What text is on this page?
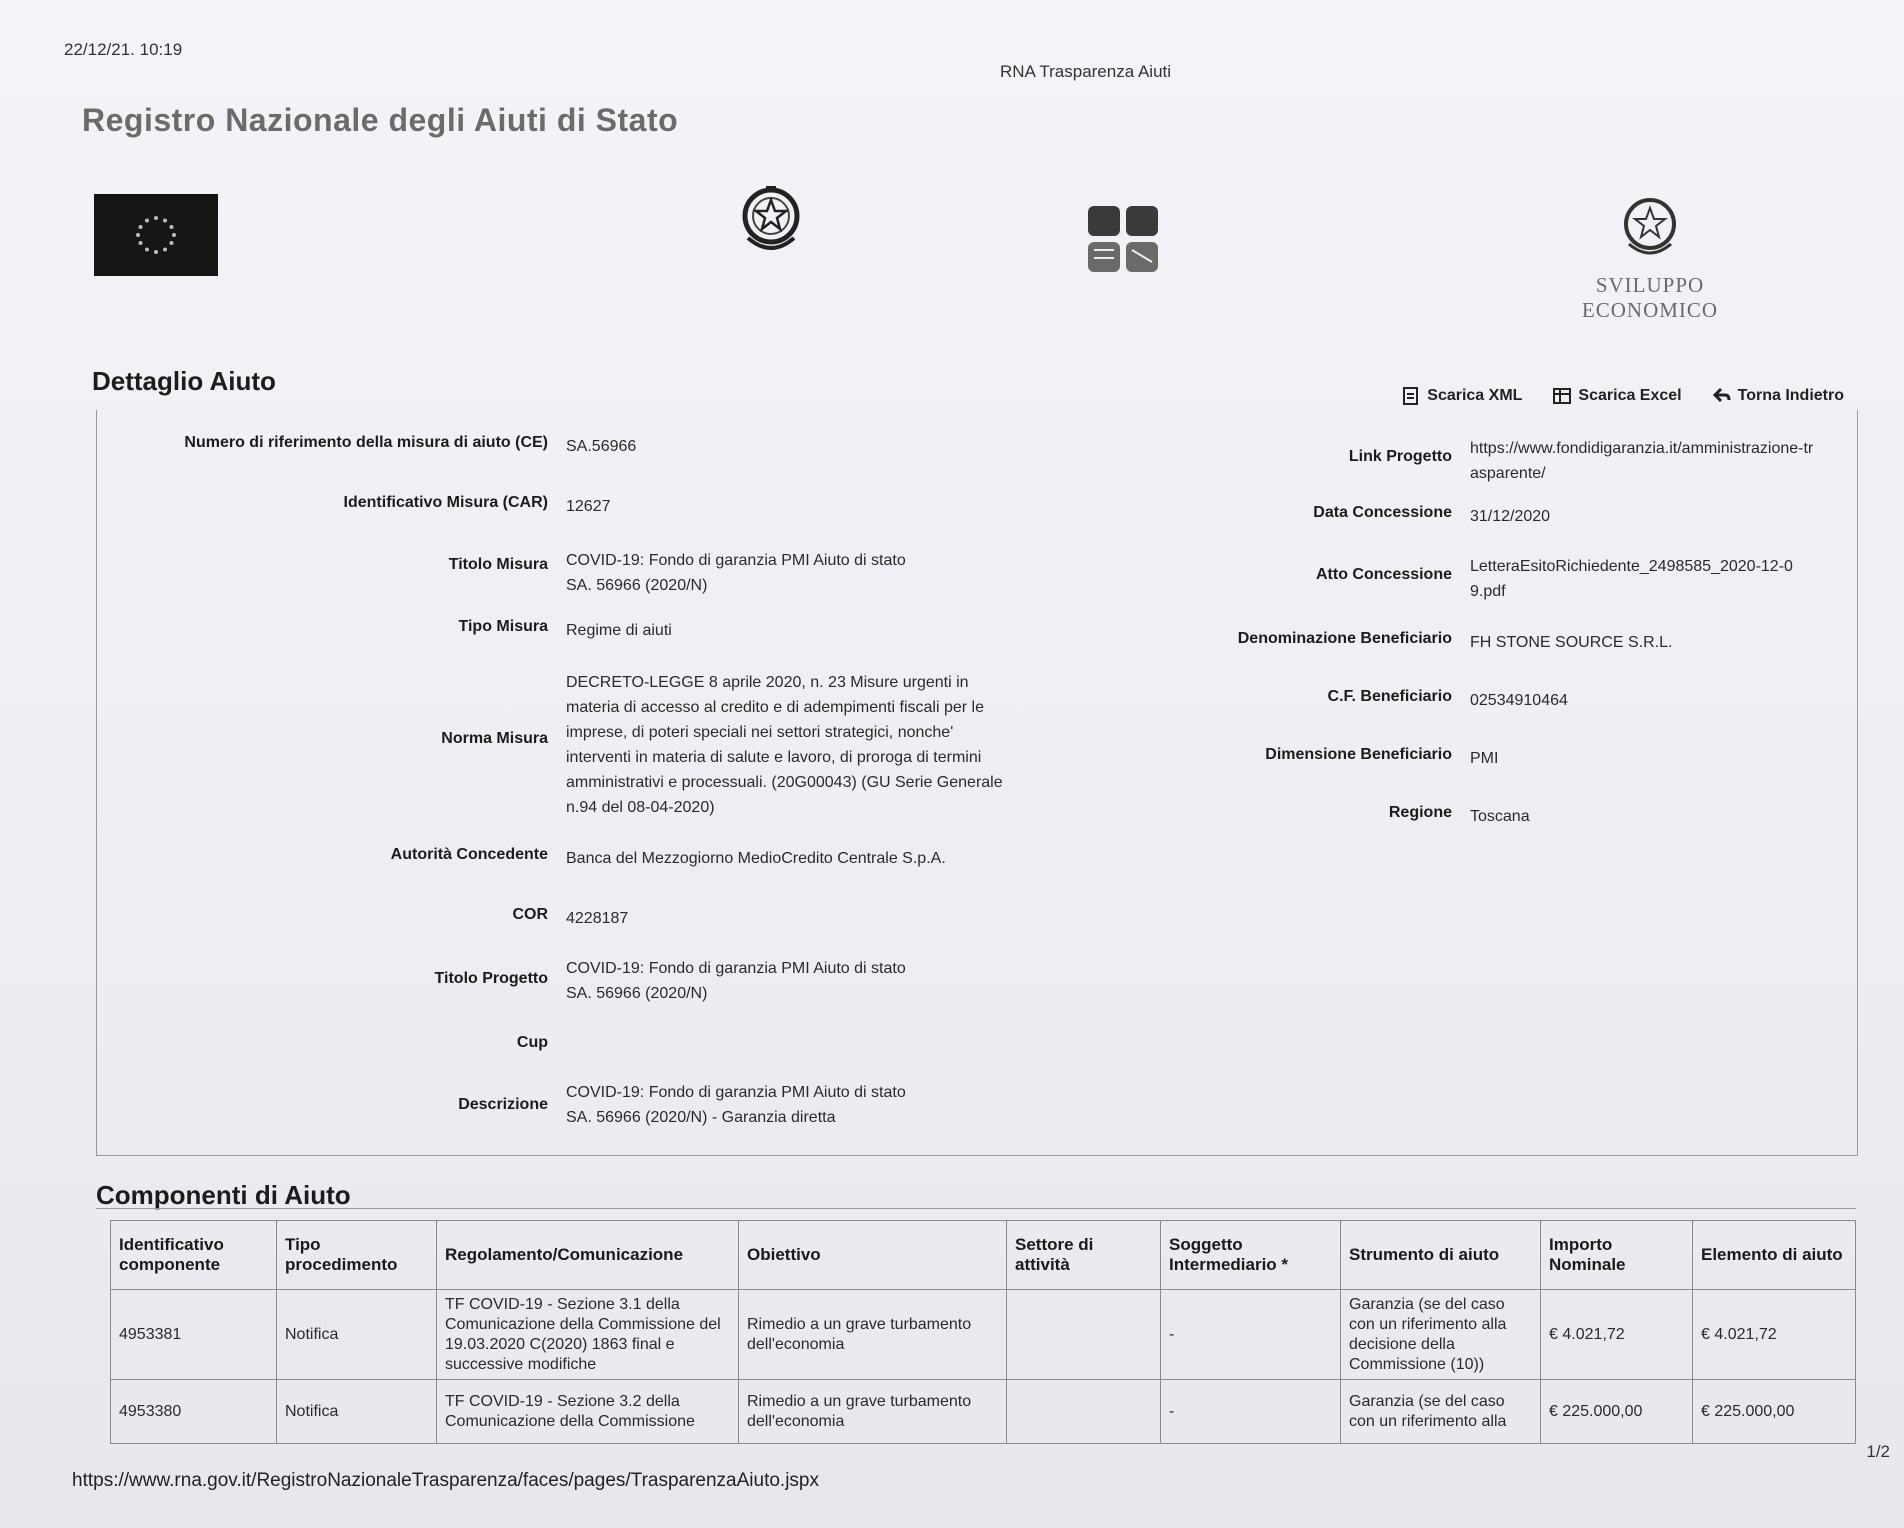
22/12/21. 10:19
RNA Trasparenza Aiuti
Registro Nazionale degli Aiuti di Stato
SVILUPPO ECONOMICO
Dettaglio Aiuto	Scarica XML	Scarica Excel	Torna Indietro
Numero di riferimento della misura di aiuto (CE) SA.56966
Identificativo Misura (CAR) 12627
Titolo Misura COVID-19: Fondo di garanzia PMI Aiuto di stato SA. 56966 (2020/N)
Tipo Misura Regime di aiuti
Norma Misura
DECRETO-LEGGE 8 aprile 2020, n. 23 Misure urgenti in materia di accesso al credito e di adempimenti fiscali per le imprese, di poteri speciali nei settori strategici, nonche' interventi in materia di salute e lavoro, di proroga di termini amministrativi e processuali. (20G00043) (GU Serie Generale n.94 del 08-04-2020)
Autorità Concedente Banca del Mezzogiorno MedioCredito Centrale S.p.A.
COR 4228187
Titolo Progetto
COVID-19: Fondo di garanzia PMI Aiuto di stato SA. 56966 (2020/N)
Cup
Descrizione
COVID-19: Fondo di garanzia PMI Aiuto di stato SA. 56966 (2020/N) - Garanzia diretta
Link Progetto https://www.fondidigaranzia.it/amministrazione-trasparente/
Data Concessione 31/12/2020
Atto Concessione LetteraEsitoRichiedente_2498585_2020-12-09.pdf
Denominazione Beneficiario FH STONE SOURCE S.R.L.
C.F. Beneficiario 02534910464
Dimensione Beneficiario PMI
Regione Toscana
Componenti di Aiuto
Identificativo componente	Tipo procedimento	Regolamento/Comunicazione	Obiettivo	Settore di attività	Soggetto Intermediario *	Strumento di aiuto	Importo Nominale	Elemento di aiuto
4953381	Notifica	TF COVID-19 - Sezione 3.1 della Comunicazione della Commissione del 19.03.2020 C(2020) 1863 final e successive modifiche	Rimedio a un grave turbamento dell'economia		-	Garanzia (se del caso con un riferimento alla decisione della Commissione (10))	€ 4.021,72	€ 4.021,72
4953380	Notifica	TF COVID-19 - Sezione 3.2 della Comunicazione della Commissione	Rimedio a un grave turbamento dell'economia		-	Garanzia (se del caso con un riferimento alla	€ 225.000,00	€ 225.000,00
1/2
https://www.rna.gov.it/RegistroNazionaleTrasparenza/faces/pages/TrasparenzaAiuto.jspx
